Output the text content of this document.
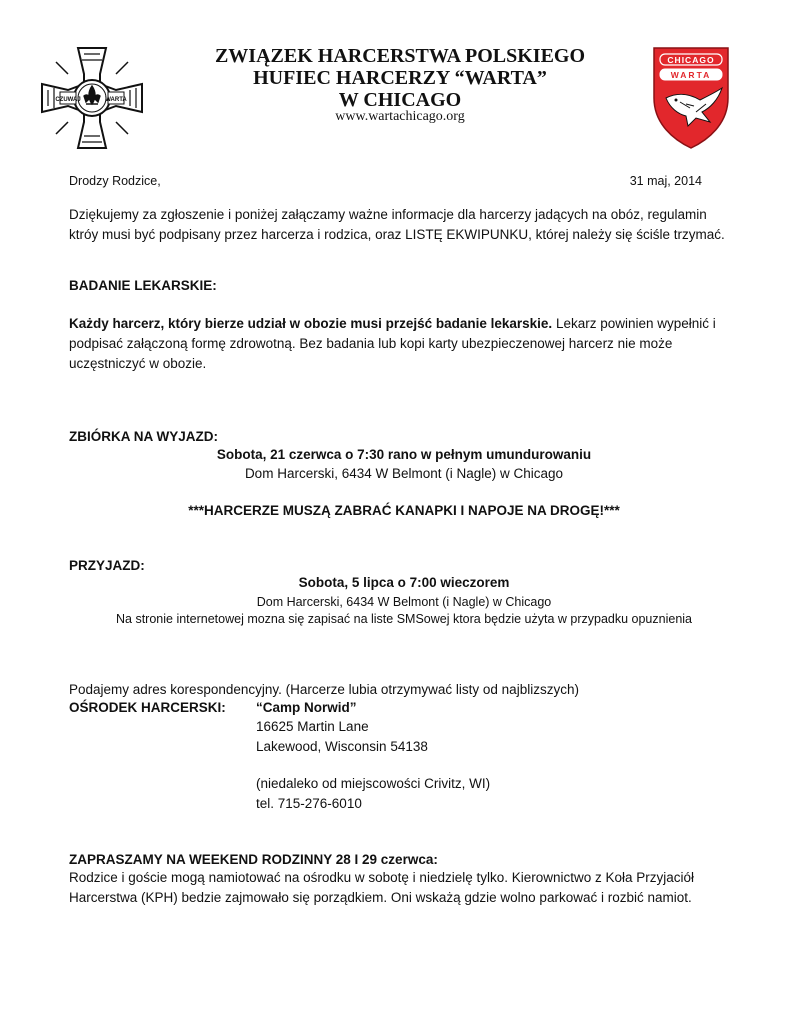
CZUWAJ	WARTA
ZWIĄZEK HARCERSTWA POLSKIEGO
HUFIEC HARCERZY “WARTA”
W CHICAGO
www.wartachicago.org
CHICAGO
WARTA
Drodzy Rodzice,	31 maj, 2014

Dziękujemy za zgłoszenie i poniżej załączamy ważne informacje dla harcerzy jadących na obóz, regulamin ktróy musi być podpisany przez harcerza i rodzica, oraz LISTĘ EKWIPUNKU, której należy się ściśle trzymać.

BADANIE LEKARSKIE:

Każdy harcerz, który bierze udział w obozie musi przejść badanie lekarskie. Lekarz powinien wypełnić i podpisać załączoną formę zdrowotną. Bez badania lub kopi karty ubezpieczenowej harcerz nie może uczęstniczyć w obozie.

ZBIÓRKA NA WYJAZD:
Sobota, 21 czerwca o 7:30 rano w pełnym umundurowaniu
Dom Harcerski, 6434 W Belmont (i Nagle) w Chicago
***HARCERZE MUSZĄ ZABRAĆ KANAPKI I NAPOJE NA DROGĘ!***
PRZYJAZD:
Sobota, 5 lipca o 7:00 wieczorem
Dom Harcerski, 6434 W Belmont (i Nagle) w Chicago
Na stronie internetowej mozna się zapisać na liste SMSowej ktora będzie użyta w przypadku opuznienia
Podajemy adres korespondencyjny. (Harcerze lubia otrzymywać listy od najblizszych)
OŚRODEK HARCERSKI: “Camp Norwid”
16625 Martin Lane
Lakewood, Wisconsin 54138
(niedaleko od miejscowości Crivitz, WI)
tel. 715-276-6010
ZAPRASZAMY NA WEEKEND RODZINNY 28 I 29 czerwca:

Rodzice i goście mogą namiotować na ośrodku w sobotę i niedzielę tylko. Kierownictwo z Koła Przyjaciół Harcerstwa (KPH) bedzie zajmowało się porządkiem. Oni wskażą gdzie wolno parkować i rozbić namiot.
